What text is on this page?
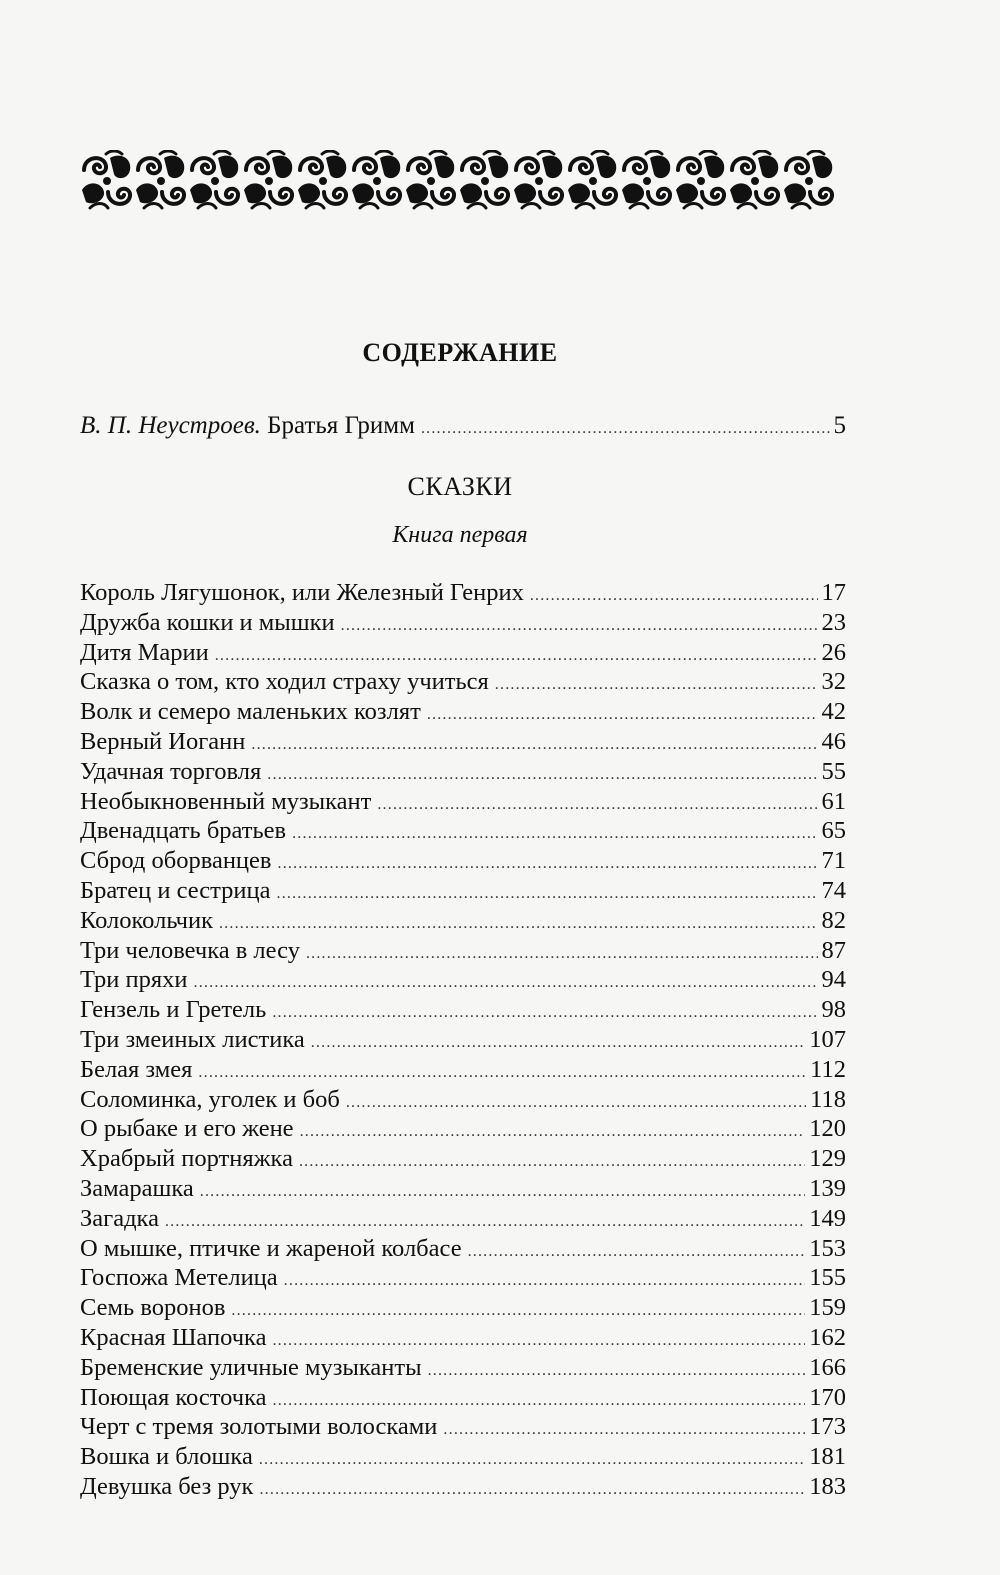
СОДЕРЖАНИЕ
В. П. Неустроев. Братья Гримм .....	5
СКАЗКИ
Книга первая
Король Лягушонок, или Железный Генрих .....	17
Дружба кошки и мышки .....	23
Дитя Марии .....	26
Сказка о том, кто ходил страху учиться .....	32
Волк и семеро маленьких козлят .....	42
Верный Иоганн .....	46
Удачная торговля .....	55
Необыкновенный музыкант .....	61
Двенадцать братьев .....	65
Сброд оборванцев .....	71
Братец и сестрица .....	74
Колокольчик .....	82
Три человечка в лесу .....	87
Три пряхи .....	94
Гензель и Гретель .....	98
Три змеиных листика .....	107
Белая змея .....	112
Соломинка, уголек и боб .....	118
О рыбаке и его жене .....	120
Храбрый портняжка .....	129
Замарашка .....	139
Загадка .....	149
О мышке, птичке и жареной колбасе .....	153
Госпожа Метелица .....	155
Семь воронов .....	159
Красная Шапочка .....	162
Бременские уличные музыканты .....	166
Поющая косточка .....	170
Черт с тремя золотыми волосками .....	173
Вошка и блошка .....	181
Девушка без рук .....	183
